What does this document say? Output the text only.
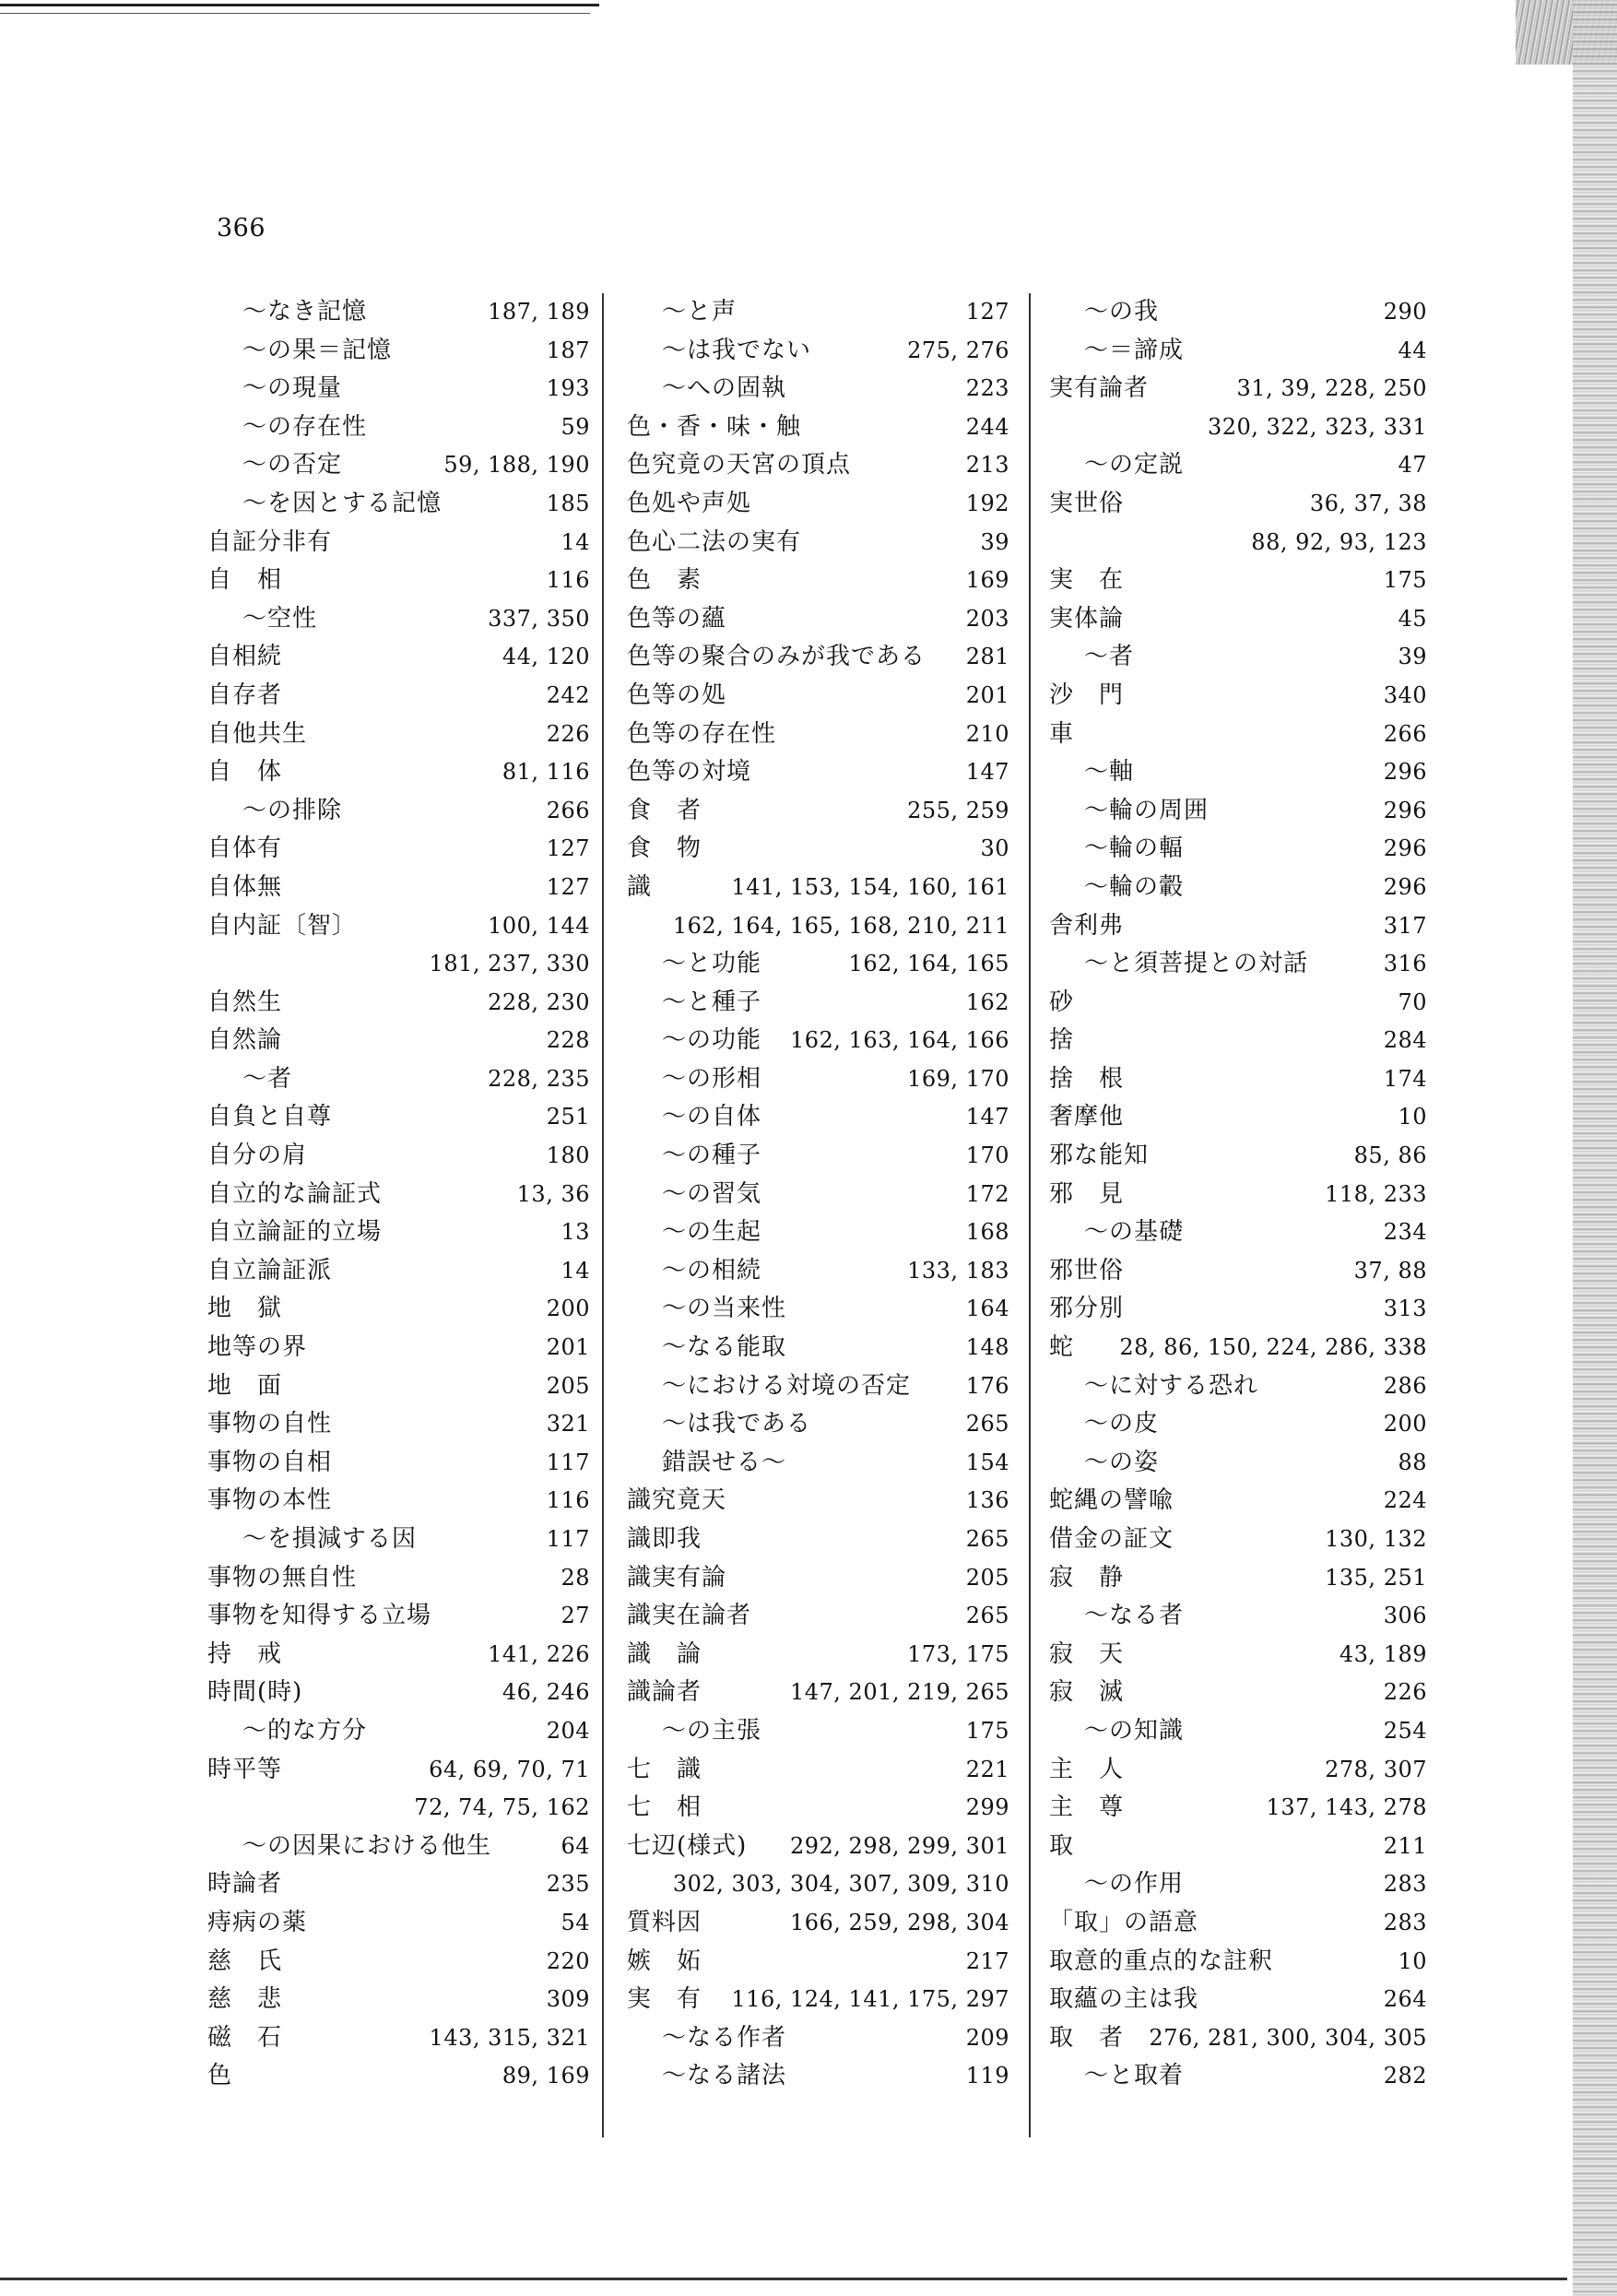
366
〜なき記憶	187, 189
〜の果＝記憶	187
〜の現量	193
〜の存在性	59
〜の否定	59, 188, 190
〜を因とする記憶	185
自証分非有	14
自　相	116
〜空性	337, 350
自相続	44, 120
自存者	242
自他共生	226
自　体	81, 116
〜の排除	266
自体有	127
自体無	127
自内証〔智〕	100, 144
181, 237, 330
自然生	228, 230
自然論	228
〜者	228, 235
自負と自尊	251
自分の肩	180
自立的な論証式	13, 36
自立論証的立場	13
自立論証派	14
地　獄	200
地等の界	201
地　面	205
事物の自性	321
事物の自相	117
事物の本性	116
〜を損減する因	117
事物の無自性	28
事物を知得する立場	27
持　戒	141, 226
時間(時)	46, 246
〜的な方分	204
時平等	64, 69, 70, 71
72, 74, 75, 162
〜の因果における他生	64
時論者	235
痔病の薬	54
慈　氏	220
慈　悲	309
磁　石	143, 315, 321
色	89, 169
〜と声	127
〜は我でない	275, 276
〜への固執	223
色・香・味・触	244
色究竟の天宮の頂点	213
色処や声処	192
色心二法の実有	39
色　素	169
色等の蘊	203
色等の聚合のみが我である 281
色等の処	201
色等の存在性	210
色等の対境	147
食　者	255, 259
食　物	30
識	141, 153, 154, 160, 161
162, 164, 165, 168, 210, 211
〜と功能	162, 164, 165
〜と種子	162
〜の功能 162, 163, 164, 166
〜の形相	169, 170
〜の自体	147
〜の種子	170
〜の習気	172
〜の生起	168
〜の相続	133, 183
〜の当来性	164
〜なる能取	148
〜における対境の否定 176
〜は我である	265
錯誤せる〜	154
識究竟天	136
識即我	265
識実有論	205
識実在論者	265
識　論	173, 175
識論者	147, 201, 219, 265
〜の主張	175
七　識	221
七　相	299
七辺(様式) 292, 298, 299, 301
302, 303, 304, 307, 309, 310
質料因	166, 259, 298, 304
嫉　妬	217
実　有 116, 124, 141, 175, 297
〜なる作者	209
〜なる諸法	119
〜の我	290
〜＝諦成	44
実有論者	31, 39, 228, 250
320, 322, 323, 331
〜の定説	47
実世俗	36, 37, 38
88, 92, 93, 123
実　在	175
実体論	45
〜者	39
沙　門	340
車	266
〜軸	296
〜輪の周囲	296
〜輪の輻	296
〜輪の轂	296
舎利弗	317
〜と須菩提との対話	316
砂	70
捨	284
捨　根	174
奢摩他	10
邪な能知	85, 86
邪　見	118, 233
〜の基礎	234
邪世俗	37, 88
邪分別	313
蛇 28, 86, 150, 224, 286, 338
〜に対する恐れ	286
〜の皮	200
〜の姿	88
蛇縄の譬喩	224
借金の証文	130, 132
寂　静	135, 251
〜なる者	306
寂　天	43, 189
寂　滅	226
〜の知識	254
主　人	278, 307
主　尊	137, 143, 278
取	211
〜の作用	283
「取」の語意	283
取意的重点的な註釈	10
取蘊の主は我	264
取　者 276, 281, 300, 304, 305
〜と取着	282
